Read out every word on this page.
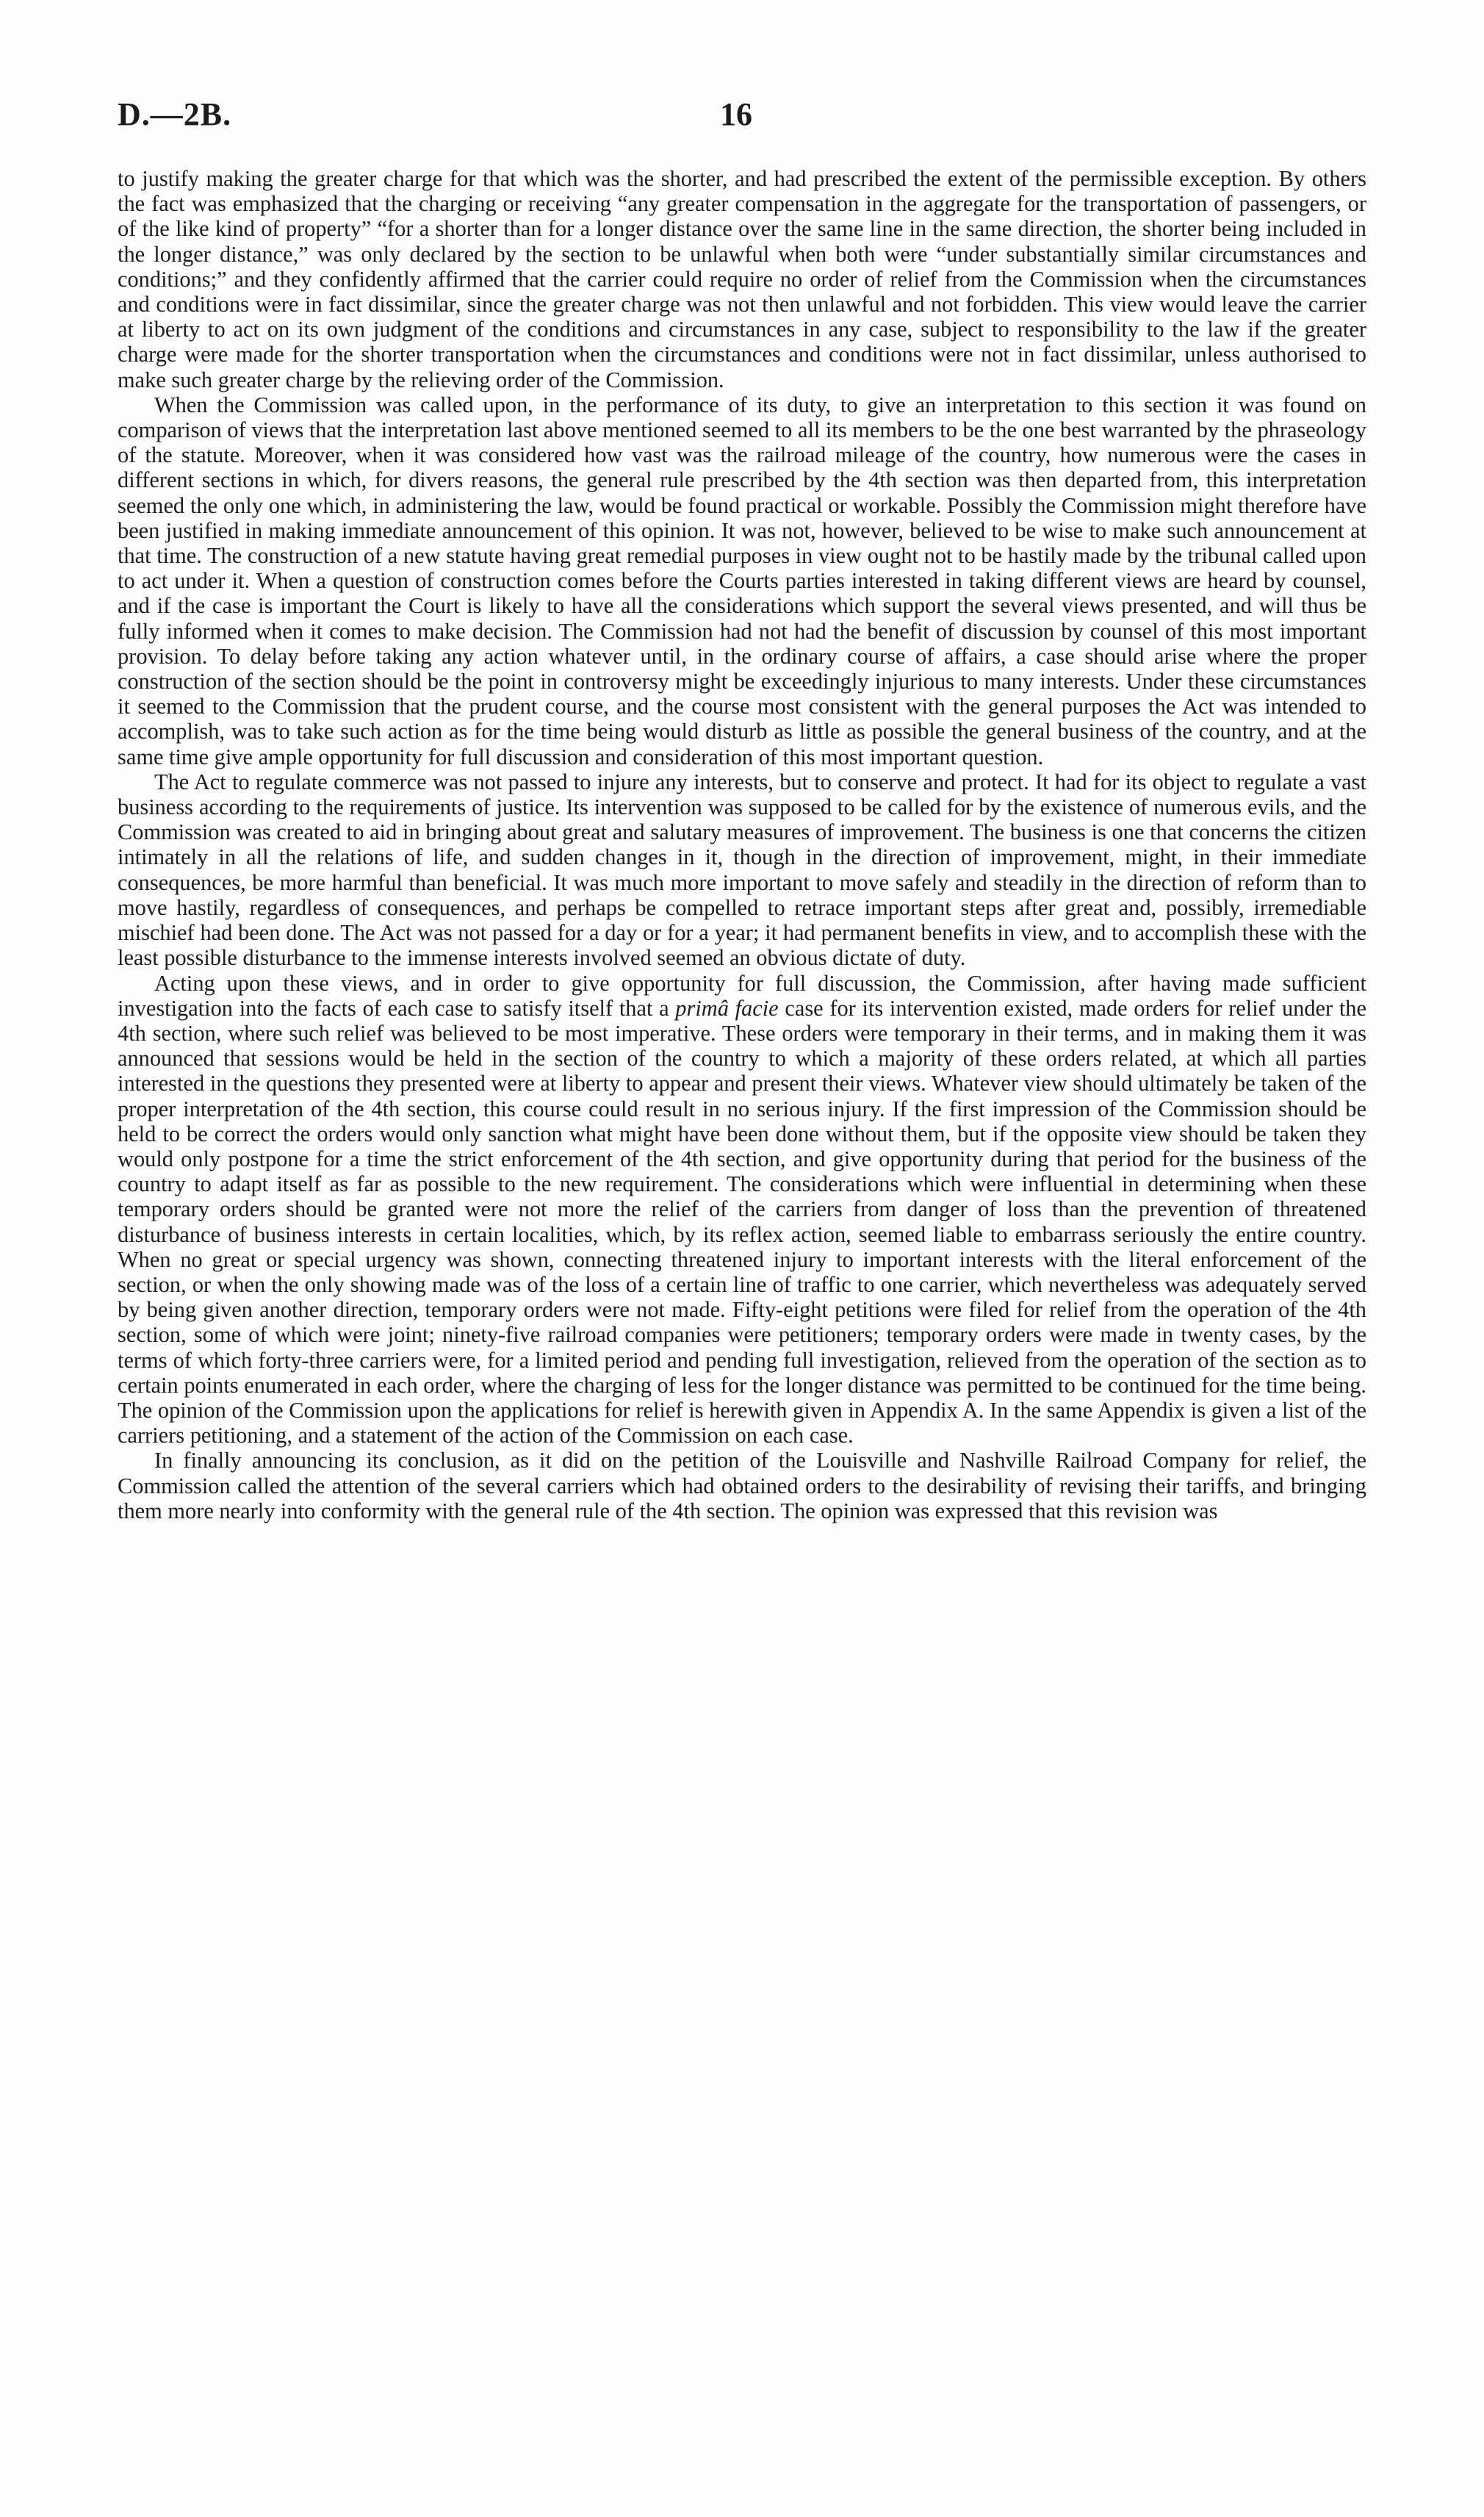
D.—2B.	16

to justify making the greater charge for that which was the shorter, and had prescribed the extent of the permissible exception. By others the fact was emphasized that the charging or receiving “any greater compensation in the aggregate for the transportation of passengers, or of the like kind of property” “for a shorter than for a longer distance over the same line in the same direction, the shorter being included in the longer distance,” was only declared by the section to be unlawful when both were “under substantially similar circumstances and conditions;” and they confidently affirmed that the carrier could require no order of relief from the Commission when the circumstances and conditions were in fact dissimilar, since the greater charge was not then unlawful and not forbidden. This view would leave the carrier at liberty to act on its own judgment of the conditions and circumstances in any case, subject to responsibility to the law if the greater charge were made for the shorter transportation when the circumstances and conditions were not in fact dissimilar, unless authorised to make such greater charge by the relieving order of the Commission.

When the Commission was called upon, in the performance of its duty, to give an interpretation to this section it was found on comparison of views that the interpretation last above mentioned seemed to all its members to be the one best warranted by the phraseology of the statute. Moreover, when it was considered how vast was the railroad mileage of the country, how numerous were the cases in different sections in which, for divers reasons, the general rule prescribed by the 4th section was then departed from, this interpretation seemed the only one which, in administering the law, would be found practical or workable. Possibly the Commission might therefore have been justified in making immediate announcement of this opinion. It was not, however, believed to be wise to make such announcement at that time. The construction of a new statute having great remedial purposes in view ought not to be hastily made by the tribunal called upon to act under it. When a question of construction comes before the Courts parties interested in taking different views are heard by counsel, and if the case is important the Court is likely to have all the considerations which support the several views presented, and will thus be fully informed when it comes to make decision. The Commission had not had the benefit of discussion by counsel of this most important provision. To delay before taking any action whatever until, in the ordinary course of affairs, a case should arise where the proper construction of the section should be the point in controversy might be exceedingly injurious to many interests. Under these circumstances it seemed to the Commission that the prudent course, and the course most consistent with the general purposes the Act was intended to accomplish, was to take such action as for the time being would disturb as little as possible the general business of the country, and at the same time give ample opportunity for full discussion and consideration of this most important question.

The Act to regulate commerce was not passed to injure any interests, but to conserve and protect. It had for its object to regulate a vast business according to the requirements of justice. Its intervention was supposed to be called for by the existence of numerous evils, and the Commission was created to aid in bringing about great and salutary measures of improvement. The business is one that concerns the citizen intimately in all the relations of life, and sudden changes in it, though in the direction of improvement, might, in their immediate consequences, be more harmful than beneficial. It was much more important to move safely and steadily in the direction of reform than to move hastily, regardless of consequences, and perhaps be compelled to retrace important steps after great and, possibly, irremediable mischief had been done. The Act was not passed for a day or for a year; it had permanent benefits in view, and to accomplish these with the least possible disturbance to the immense interests involved seemed an obvious dictate of duty.

Acting upon these views, and in order to give opportunity for full discussion, the Commission, after having made sufficient investigation into the facts of each case to satisfy itself that a primâ facie case for its intervention existed, made orders for relief under the 4th section, where such relief was believed to be most imperative. These orders were temporary in their terms, and in making them it was announced that sessions would be held in the section of the country to which a majority of these orders related, at which all parties interested in the questions they presented were at liberty to appear and present their views. Whatever view should ultimately be taken of the proper interpretation of the 4th section, this course could result in no serious injury. If the first impression of the Commission should be held to be correct the orders would only sanction what might have been done without them, but if the opposite view should be taken they would only postpone for a time the strict enforcement of the 4th section, and give opportunity during that period for the business of the country to adapt itself as far as possible to the new requirement. The considerations which were influential in determining when these temporary orders should be granted were not more the relief of the carriers from danger of loss than the prevention of threatened disturbance of business interests in certain localities, which, by its reflex action, seemed liable to embarrass seriously the entire country. When no great or special urgency was shown, connecting threatened injury to important interests with the literal enforcement of the section, or when the only showing made was of the loss of a certain line of traffic to one carrier, which nevertheless was adequately served by being given another direction, temporary orders were not made. Fifty-eight petitions were filed for relief from the operation of the 4th section, some of which were joint; ninety-five railroad companies were petitioners; temporary orders were made in twenty cases, by the terms of which forty-three carriers were, for a limited period and pending full investigation, relieved from the operation of the section as to certain points enumerated in each order, where the charging of less for the longer distance was permitted to be continued for the time being. The opinion of the Commission upon the applications for relief is herewith given in Appendix A. In the same Appendix is given a list of the carriers petitioning, and a statement of the action of the Commission on each case.

In finally announcing its conclusion, as it did on the petition of the Louisville and Nashville Railroad Company for relief, the Commission called the attention of the several carriers which had obtained orders to the desirability of revising their tariffs, and bringing them more nearly into conformity with the general rule of the 4th section. The opinion was expressed that this revision was
